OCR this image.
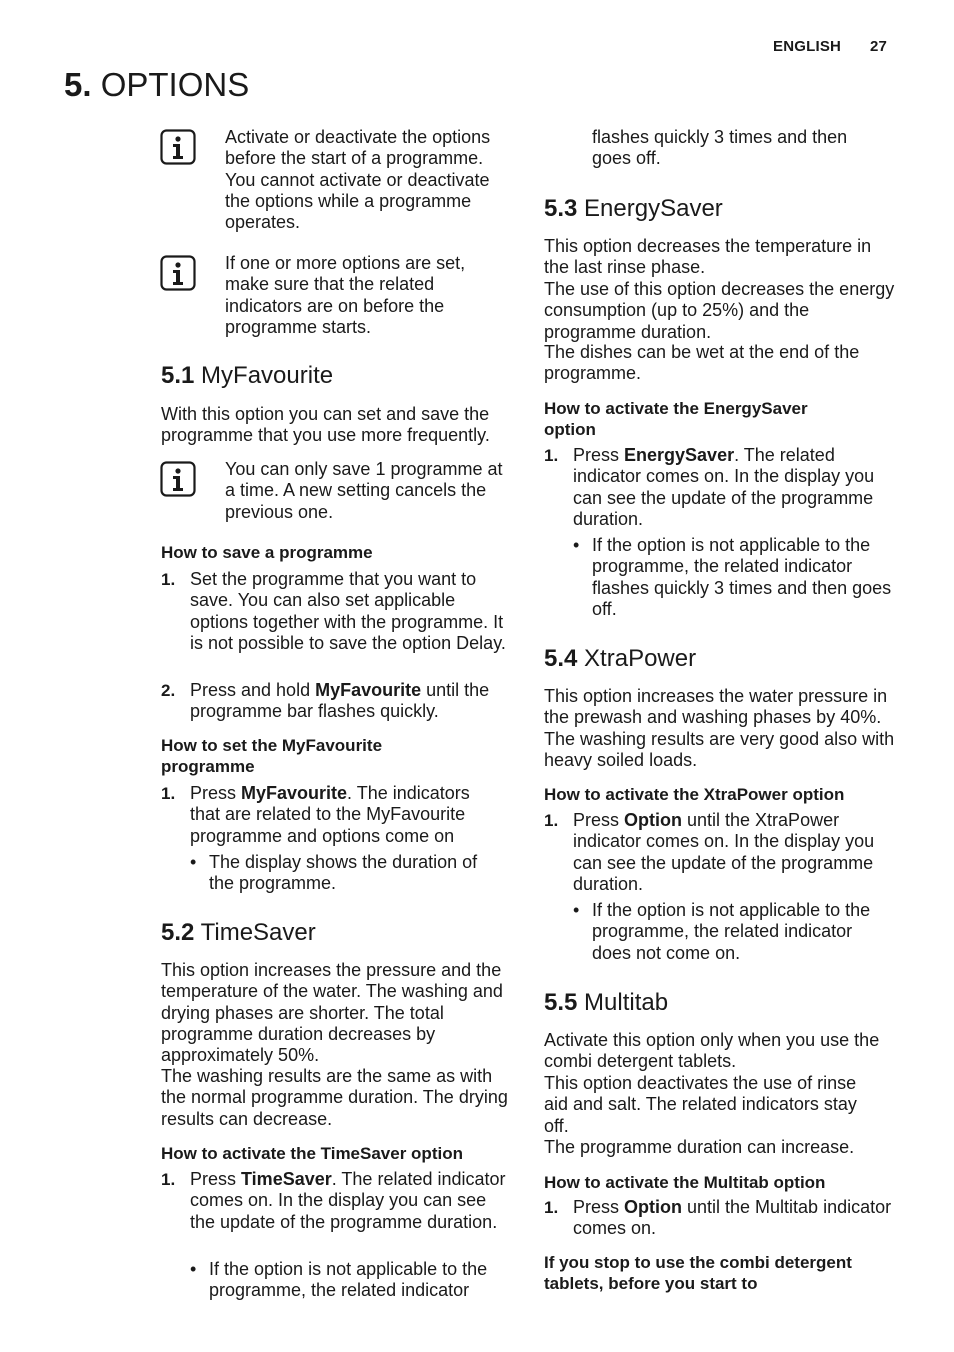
ENGLISH 27
5. OPTIONS
Activate or deactivate the options before the start of a programme. You cannot activate or deactivate the options while a programme operates.
If one or more options are set, make sure that the related indicators are on before the programme starts.
5.1 MyFavourite
With this option you can set and save the programme that you use more frequently.
You can only save 1 programme at a time. A new setting cancels the previous one.
How to save a programme
1. Set the programme that you want to save. You can also set applicable options together with the programme. It is not possible to save the option Delay.
2. Press and hold MyFavourite until the programme bar flashes quickly.
How to set the MyFavourite programme
1. Press MyFavourite. The indicators that are related to the MyFavourite programme and options come on
• The display shows the duration of the programme.
5.2 TimeSaver
This option increases the pressure and the temperature of the water. The washing and drying phases are shorter. The total programme duration decreases by approximately 50%.
The washing results are the same as with the normal programme duration. The drying results can decrease.
How to activate the TimeSaver option
1. Press TimeSaver. The related indicator comes on. In the display you can see the update of the programme duration.
• If the option is not applicable to the programme, the related indicator
flashes quickly 3 times and then goes off.
5.3 EnergySaver
This option decreases the temperature in the last rinse phase.
The use of this option decreases the energy consumption (up to 25%) and the programme duration.
The dishes can be wet at the end of the programme.
How to activate the EnergySaver option
1. Press EnergySaver. The related indicator comes on. In the display you can see the update of the programme duration.
• If the option is not applicable to the programme, the related indicator flashes quickly 3 times and then goes off.
5.4 XtraPower
This option increases the water pressure in the prewash and washing phases by 40%. The washing results are very good also with heavy soiled loads.
How to activate the XtraPower option
1. Press Option until the XtraPower indicator comes on. In the display you can see the update of the programme duration.
• If the option is not applicable to the programme, the related indicator does not come on.
5.5 Multitab
Activate this option only when you use the combi detergent tablets.
This option deactivates the use of rinse aid and salt. The related indicators stay off.
The programme duration can increase.
How to activate the Multitab option
1. Press Option until the Multitab indicator comes on.
If you stop to use the combi detergent tablets, before you start to
